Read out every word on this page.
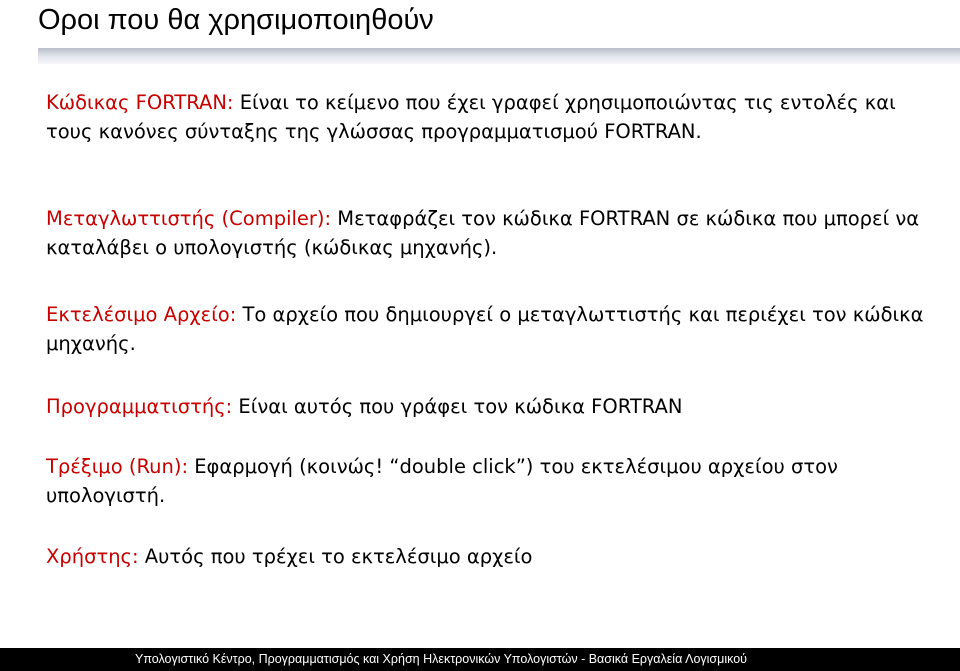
Οροι που θα χρησιμοποιηθούν

Κώδικας FORTRAN: Είναι το κείμενο που έχει γραφεί χρησιμοποιώντας τις εντολές και τους κανόνες σύνταξης της γλώσσας προγραμματισμού FORTRAN.

Μεταγλωττιστής (Compiler): Μεταφράζει τον κώδικα FORTRAN σε κώδικα που μπορεί να καταλάβει ο υπολογιστής (κώδικας μηχανής).

Εκτελέσιμο Αρχείο: Το αρχείο που δημιουργεί ο μεταγλωττιστής και περιέχει τον κώδικα μηχανής.

Προγραμματιστής: Είναι αυτός που γράφει τον κώδικα FORTRAN

Τρέξιμο (Run): Εφαρμογή (κοινώς! “double click”) του εκτελέσιμου αρχείου στον υπολογιστή.

Χρήστης: Αυτός που τρέχει το εκτελέσιμο αρχείο

Υπολογιστικό Κέντρο, Προγραμματισμός και Χρήση Ηλεκτρονικών Υπολογιστών - Βασικά Εργαλεία Λογισμικού
